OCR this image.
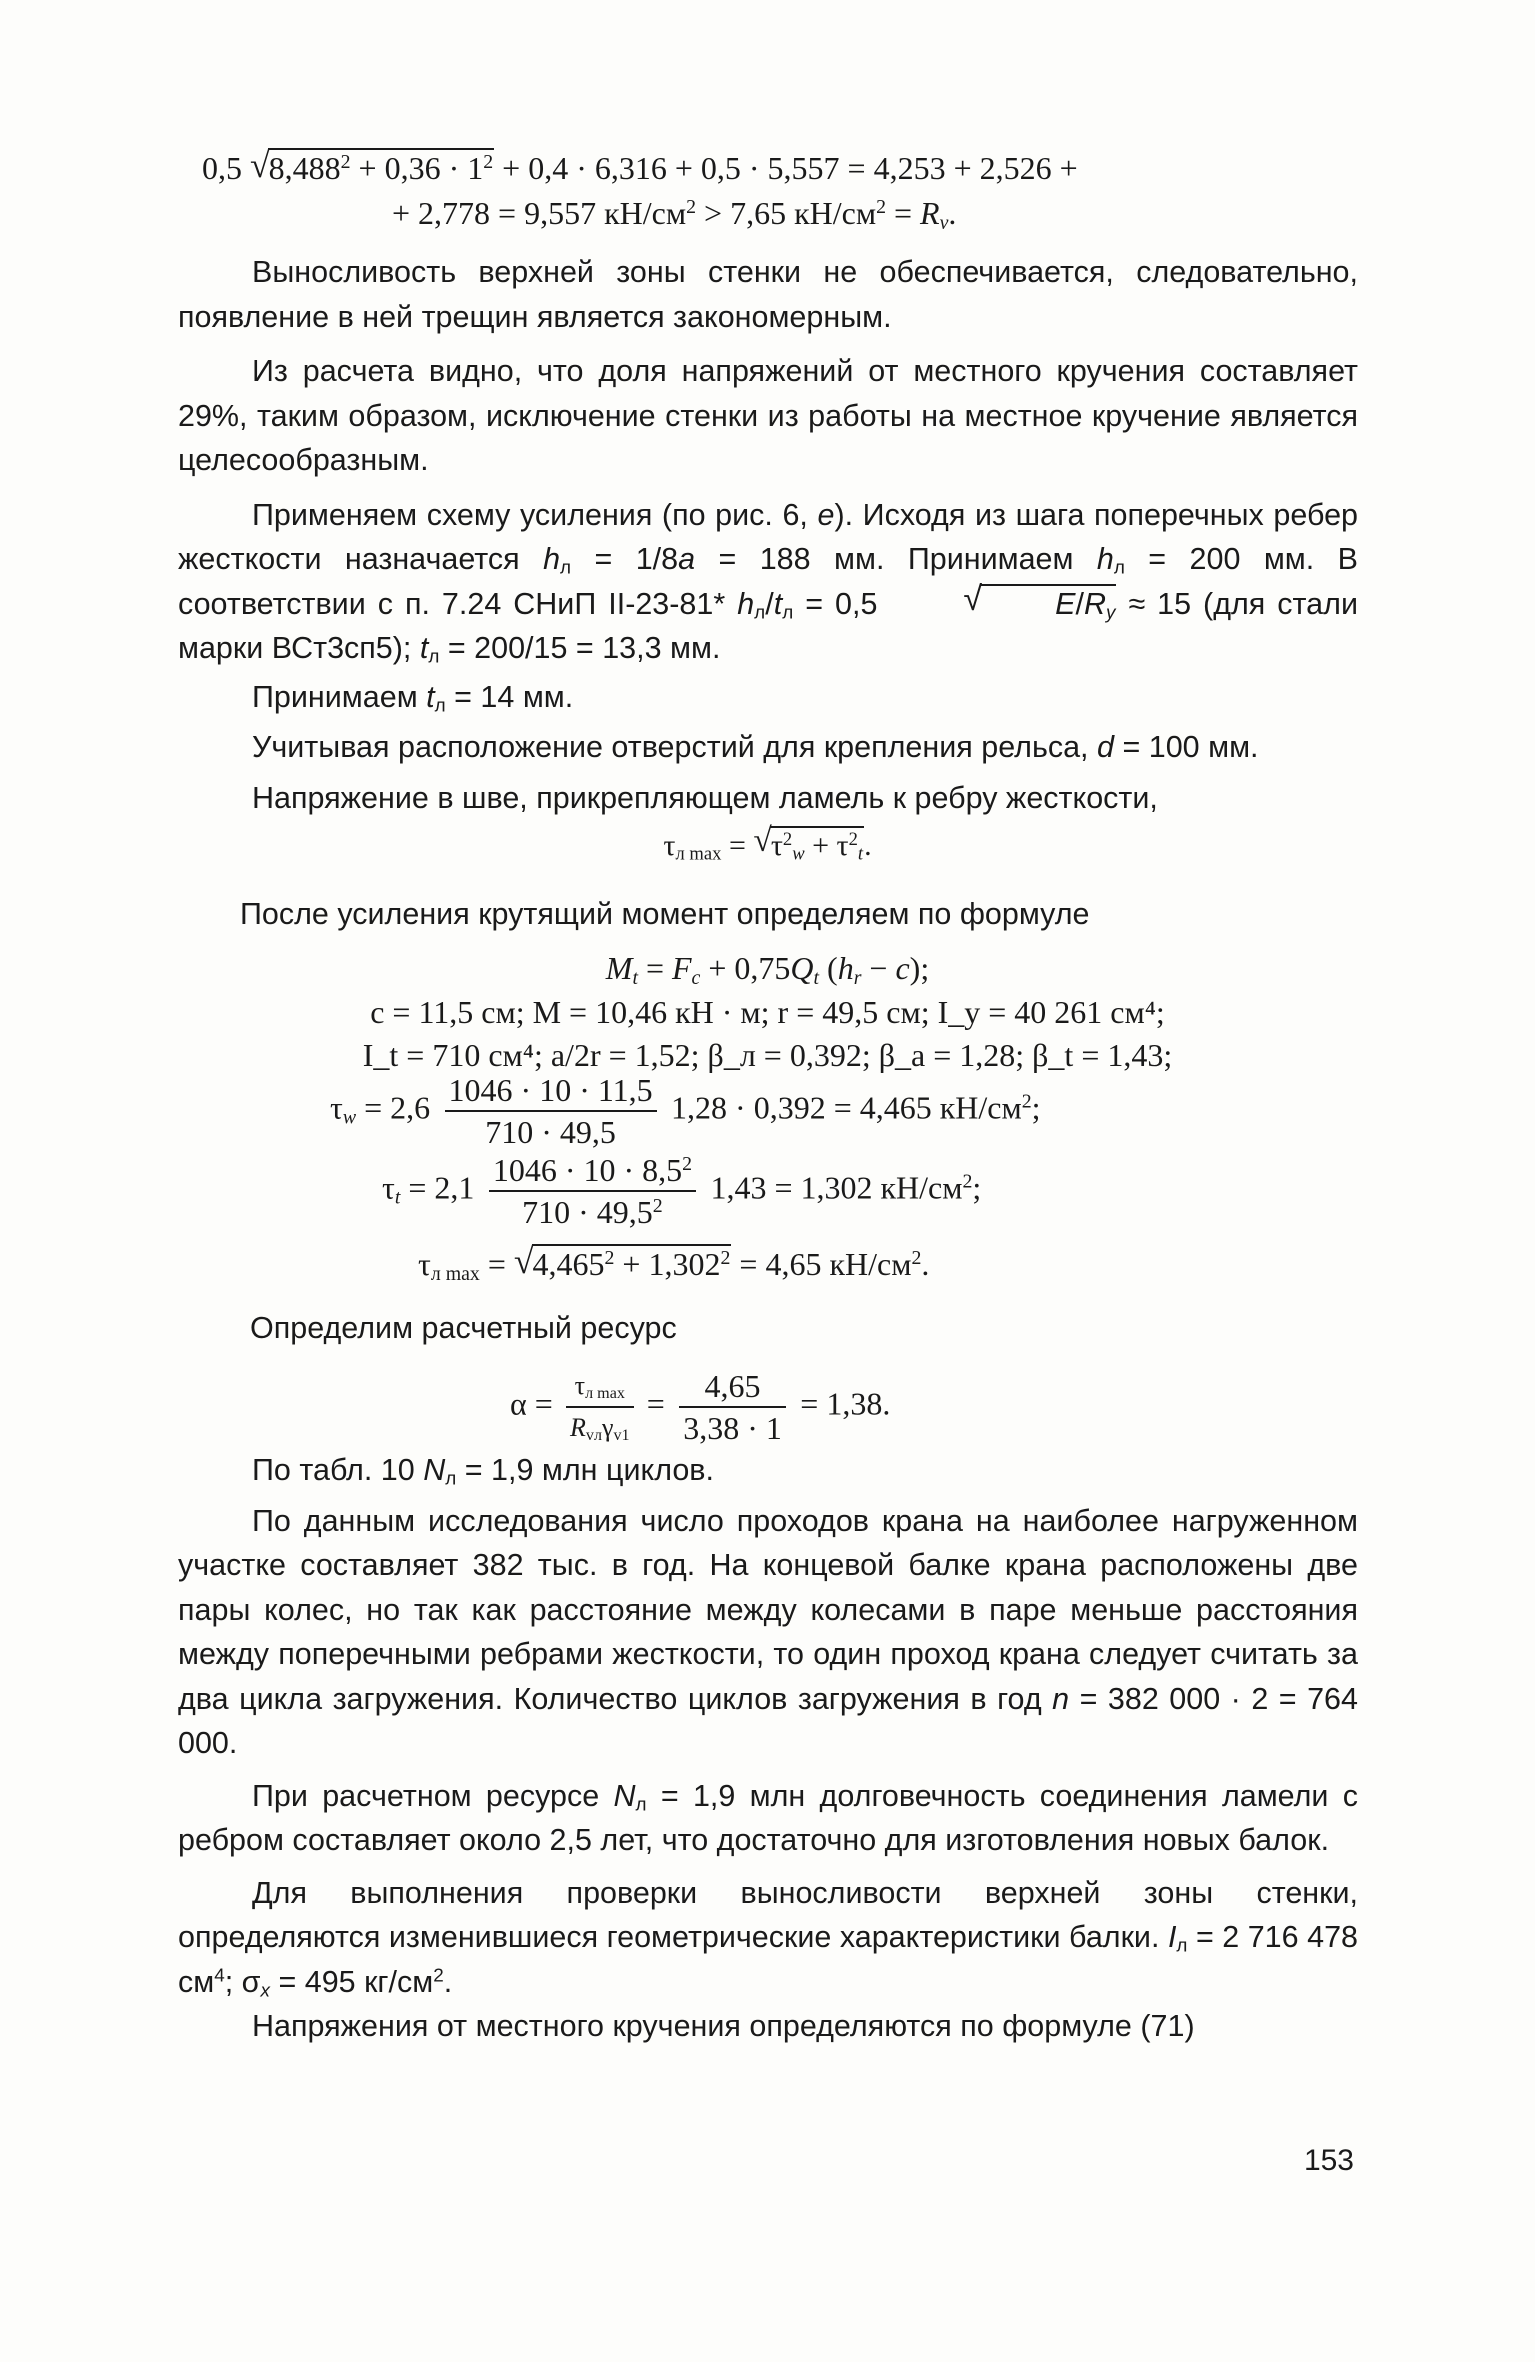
0,5 √ $8,488^2 + 0,36 \cdot 1^2 + 0,4 \cdot 6,316 + 0,5 \cdot 5,557 = 4,253 + 2,526$ +
+ 2,778 = 9,557 $кН/см^2 > 7,65$ $кН/см^2 = R_v$.

Выносливость верхней зоны стенки не обеспечивается, следовательно, появление в ней трещин является закономерным.

Из расчета видно, что доля напряжений от местного кручения составляет 29%, таким образом, исключение стенки из работы на местное кручение является целесообразным.

Применяем схему усиления (по рис. 6, е). Исходя из шага поперечных ребер жесткости назначается $h_л = 1/8a = 188$ мм. Принимаем $h_л = 200$ мм. В соответствии с п. 7.24 СНиП II-23-81* $h_л/t_л = 0,5$	√ $E/R_y \approx 15$ (для стали марки ВСт3сп5); $t_л = 200/15 = 13,3$ мм.

Принимаем $t_л = 14$ мм.

Учитывая расположение отверстий для крепления рельса, d = 100 мм.

Напряжение в шве, прикрепляющем ламель к ребру жесткости,

$\tau_{л max}$ = √ $\tau^2_w + \tau^2_t$.

После усиления крутящий момент определяем по формуле

$M_t = F_c + 0,75Q_t$ $(h_r - c)$;
c = 11,5 см; M = 10,46 кН · м; r = 49,5 см; I_y = 40 261 см⁴;
I_t = 710 см⁴; a/2r = 1,52; β_л = 0,392; β_a = 1,28; β_t = 1,43;
$\tau_w = 2,6 \frac{1046 \cdot 10 \cdot 11,5}{710 \cdot 49,5} 1,28 \cdot 0,392 = 4,465$ $кН/см^2$;
$\tau_t = 2,1 \frac{1046 \cdot 10 \cdot 8,5^2}{710 \cdot 49,5^2} 1,43 = 1,302$ $кН/см^2$;
$\tau_{л max}$ = √ $4,465^2 + 1,302^2 = 4,65$ $кН/см^2$.

Определим расчетный ресурс

$\alpha = \frac{\tau_{л max}}{R_{vл}\gamma_{v1}} = \frac{4,65}{3,38 \cdot 1} = 1,38$.

По табл. 10 $N_л = 1,9$ млн циклов.

По данным исследования число проходов крана на наиболее нагруженном участке составляет 382 тыс. в год. На концевой балке крана расположены две пары колес, но так как расстояние между колесами в паре меньше расстояния между поперечными ребрами жесткости, то один проход крана следует считать за два цикла загружения. Количество циклов загружения в год n = 382 000 · 2 = 764 000.

При расчетном ресурсе $N_л = 1,9$ млн долговечность соединения ламели с ребром составляет около 2,5 лет, что достаточно для изготовления новых балок.

Для выполнения проверки выносливости верхней зоны стенки, определяются изменившиеся геометрические характеристики балки. $I_л = 2$ 716 478 $см^4$; $\sigma_x = 495$ $кг/см^2$.

Напряжения от местного кручения определяются по формуле (71)

153
